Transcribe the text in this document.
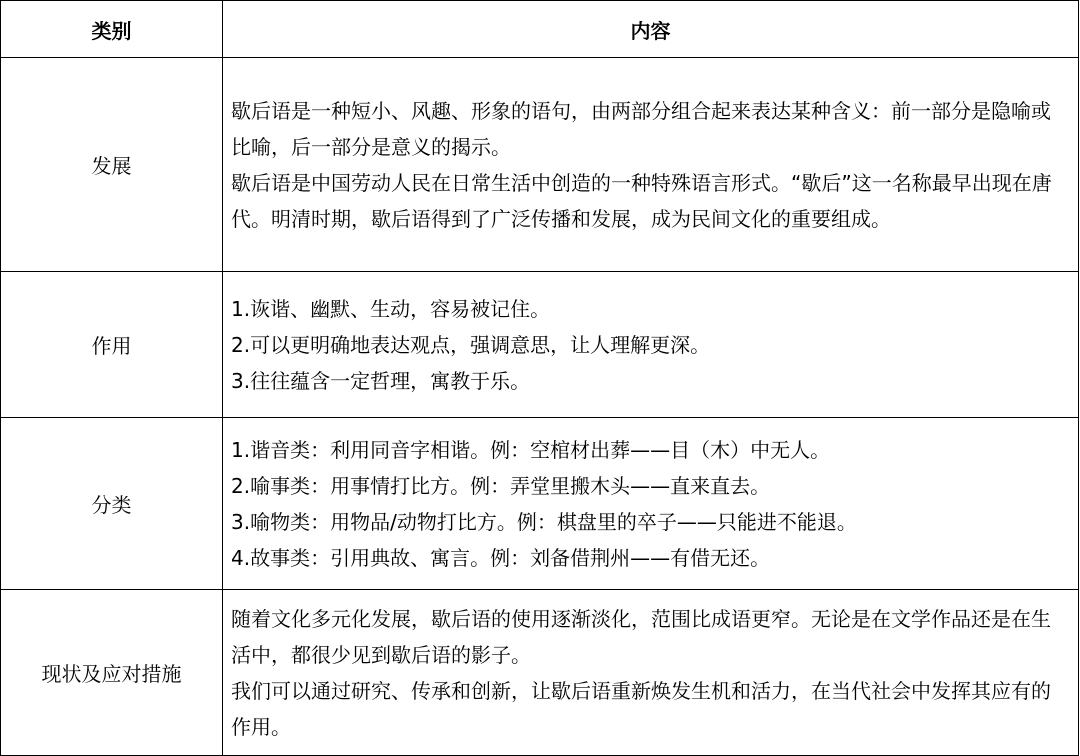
类别	内容
发展	歇后语是一种短小、风趣、形象的语句，由两部分组合起来表达某种含义：前一部分是隐喻或比喻，后一部分是意义的揭示。
歇后语是中国劳动人民在日常生活中创造的一种特殊语言形式。“歇后”这一名称最早出现在唐代。明清时期，歇后语得到了广泛传播和发展，成为民间文化的重要组成。

作用	1.诙谐、幽默、生动，容易被记住。
2.可以更明确地表达观点，强调意思，让人理解更深。
3.往往蕴含一定哲理，寓教于乐。

分类	1.谐音类：利用同音字相谐。例：空棺材出葬——目（木）中无人。
2.喻事类：用事情打比方。例：弄堂里搬木头——直来直去。
3.喻物类：用物品/动物打比方。例：棋盘里的卒子——只能进不能退。
4.故事类：引用典故、寓言。例：刘备借荆州——有借无还。

现状及应对措施	随着文化多元化发展，歇后语的使用逐渐淡化，范围比成语更窄。无论是在文学作品还是在生活中，都很少见到歇后语的影子。
我们可以通过研究、传承和创新，让歇后语重新焕发生机和活力，在当代社会中发挥其应有的作用。
